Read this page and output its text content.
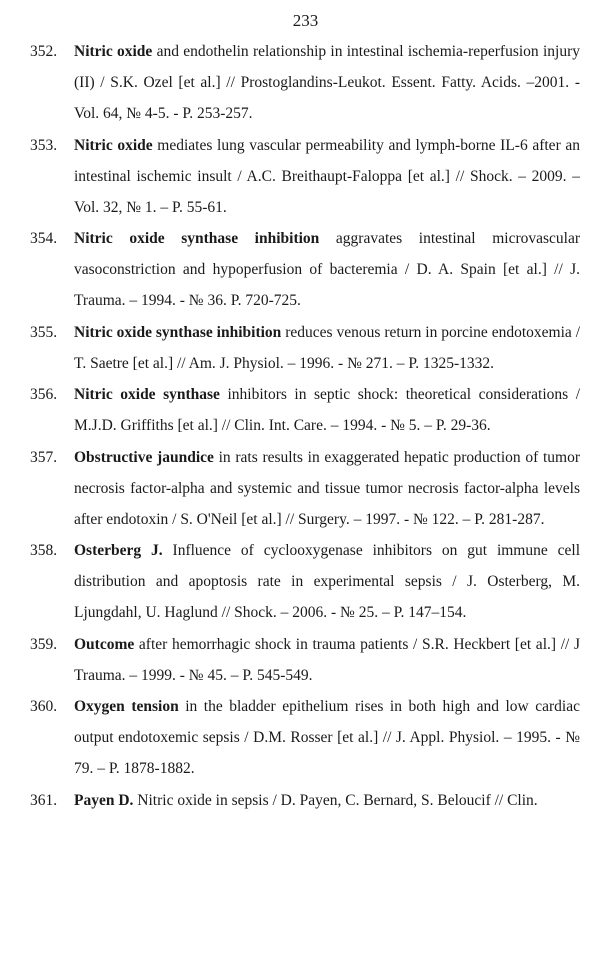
233
352. Nitric oxide and endothelin relationship in intestinal ischemia-reperfusion injury (II) / S.K. Ozel [et al.] // Prostoglandins-Leukot. Essent. Fatty. Acids. –2001. - Vol. 64, № 4-5. - P. 253-257.
353. Nitric oxide mediates lung vascular permeability and lymph-borne IL-6 after an intestinal ischemic insult / A.C. Breithaupt-Faloppa [et al.] // Shock. – 2009. – Vol. 32, № 1. – P. 55-61.
354. Nitric oxide synthase inhibition aggravates intestinal microvascular vasoconstriction and hypoperfusion of bacteremia / D. A. Spain [et al.] // J. Trauma. – 1994. - № 36. P. 720-725.
355. Nitric oxide synthase inhibition reduces venous return in porcine endotoxemia / T. Saetre [et al.] // Am. J. Physiol. – 1996. - № 271. – P. 1325-1332.
356. Nitric oxide synthase inhibitors in septic shock: theoretical considerations / M.J.D. Griffiths [et al.] // Clin. Int. Care. – 1994. - № 5. – P. 29-36.
357. Obstructive jaundice in rats results in exaggerated hepatic production of tumor necrosis factor-alpha and systemic and tissue tumor necrosis factor-alpha levels after endotoxin / S. O'Neil [et al.] // Surgery. – 1997. - № 122. – P. 281-287.
358. Osterberg J. Influence of cyclooxygenase inhibitors on gut immune cell distribution and apoptosis rate in experimental sepsis / J. Osterberg, M. Ljungdahl, U. Haglund // Shock. – 2006. - № 25. – P. 147–154.
359. Outcome after hemorrhagic shock in trauma patients / S.R. Heckbert [et al.] // J Trauma. – 1999. - № 45. – P. 545-549.
360. Oxygen tension in the bladder epithelium rises in both high and low cardiac output endotoxemic sepsis / D.M. Rosser [et al.] // J. Appl. Physiol. – 1995. - № 79. – P. 1878-1882.
361. Payen D. Nitric oxide in sepsis / D. Payen, C. Bernard, S. Beloucif // Clin.
